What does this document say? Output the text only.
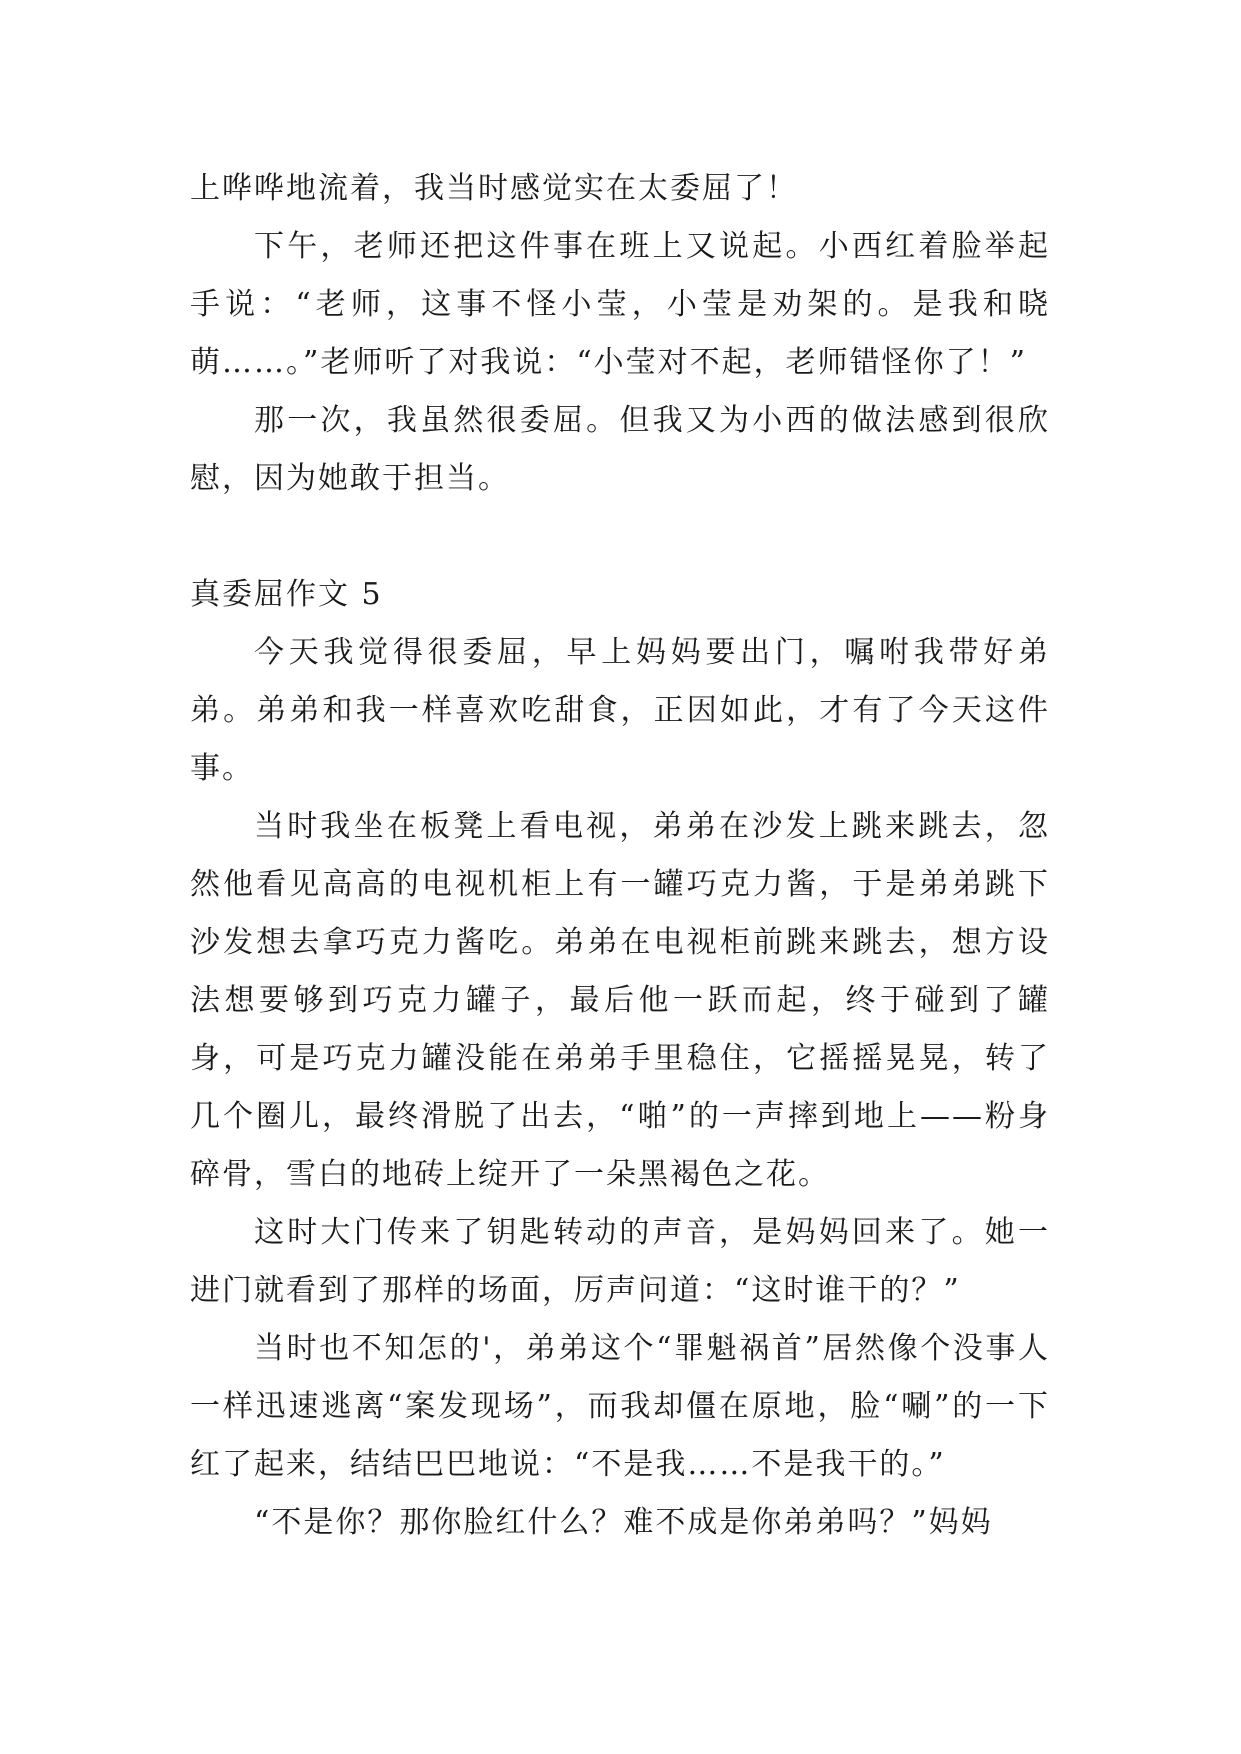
上哗哗地流着，我当时感觉实在太委屈了！

下午，老师还把这件事在班上又说起。小西红着脸举起手说：“老师，这事不怪小莹，小莹是劝架的。是我和晓萌……。”老师听了对我说：“小莹对不起，老师错怪你了！”

那一次，我虽然很委屈。但我又为小西的做法感到很欣慰，因为她敢于担当。

真委屈作文 5

今天我觉得很委屈，早上妈妈要出门，嘱咐我带好弟弟。弟弟和我一样喜欢吃甜食，正因如此，才有了今天这件事。

当时我坐在板凳上看电视，弟弟在沙发上跳来跳去，忽然他看见高高的电视机柜上有一罐巧克力酱，于是弟弟跳下沙发想去拿巧克力酱吃。弟弟在电视柜前跳来跳去，想方设法想要够到巧克力罐子，最后他一跃而起，终于碰到了罐身，可是巧克力罐没能在弟弟手里稳住，它摇摇晃晃，转了几个圈儿，最终滑脱了出去，“啪”的一声摔到地上——粉身碎骨，雪白的地砖上绽开了一朵黑褐色之花。

这时大门传来了钥匙转动的声音，是妈妈回来了。她一进门就看到了那样的场面，厉声问道：“这时谁干的？”

当时也不知怎的'，弟弟这个“罪魁祸首”居然像个没事人一样迅速逃离“案发现场”，而我却僵在原地，脸“唰”的一下红了起来，结结巴巴地说：“不是我……不是我干的。”

“不是你？那你脸红什么？难不成是你弟弟吗？”妈妈
